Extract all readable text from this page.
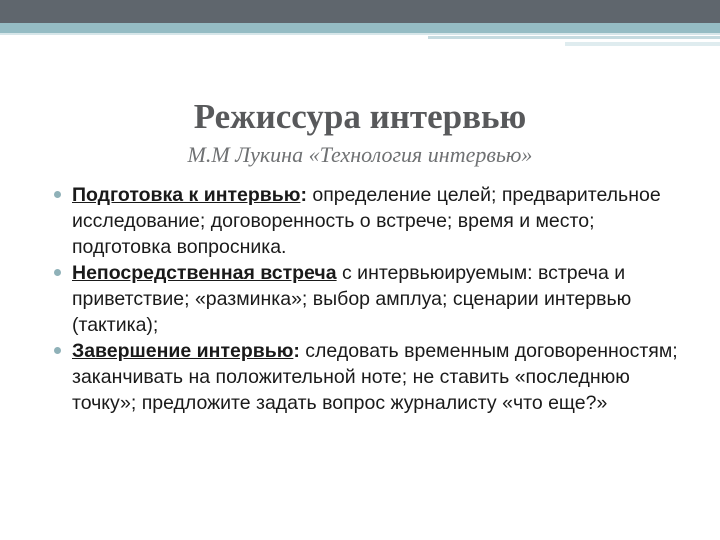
Режиссура интервью
М.М Лукина «Технология интервью»
Подготовка к интервью: определение целей; предварительное исследование; договоренность о встрече; время и место; подготовка вопросника.
Непосредственная встреча с интервьюируемым: встреча и приветствие; «разминка»; выбор амплуа; сценарии интервью (тактика);
Завершение интервью: следовать временным договоренностям; заканчивать на положительной ноте; не ставить «последнюю точку»; предложите задать вопрос журналисту «что еще?»
